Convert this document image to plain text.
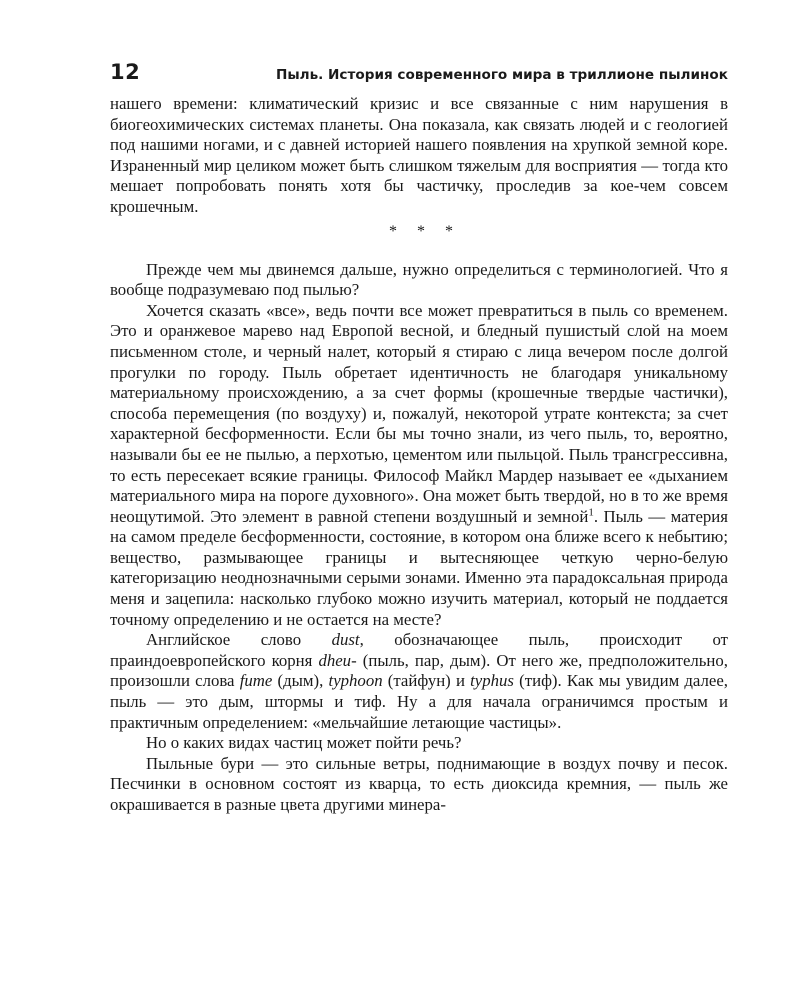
12	Пыль. История современного мира в триллионе пылинок

нашего времени: климатический кризис и все связанные с ним нарушения в биогеохимических системах планеты. Она показала, как связать людей и с геологией под нашими ногами, и с давней историей нашего появления на хрупкой земной коре. Израненный мир целиком может быть слишком тяжелым для восприятия — тогда кто мешает попробовать понять хотя бы частичку, проследив за кое-чем совсем крошечным.

* * *

Прежде чем мы двинемся дальше, нужно определиться с терминологией. Что я вообще подразумеваю под пылью?

Хочется сказать «все», ведь почти все может превратиться в пыль со временем. Это и оранжевое марево над Европой весной, и бледный пушистый слой на моем письменном столе, и черный налет, который я стираю с лица вечером после долгой прогулки по городу. Пыль обретает идентичность не благодаря уникальному материальному происхождению, а за счет формы (крошечные твердые частички), способа перемещения (по воздуху) и, пожалуй, некоторой утрате контекста; за счет характерной бесформенности. Если бы мы точно знали, из чего пыль, то, вероятно, называли бы ее не пылью, а перхотью, цементом или пыльцой. Пыль трансгрессивна, то есть пересекает всякие границы. Философ Майкл Мардер называет ее «дыханием материального мира на пороге духовного». Она может быть твердой, но в то же время неощутимой. Это элемент в равной степени воздушный и земной$^1$. Пыль — материя на самом пределе бесформенности, состояние, в котором она ближе всего к небытию; вещество, размывающее границы и вытесняющее четкую черно-белую категоризацию неоднозначными серыми зонами. Именно эта парадоксальная природа меня и зацепила: насколько глубоко можно изучить материал, который не поддается точному определению и не остается на месте?

Английское слово dust, обозначающее пыль, происходит от праиндоевропейского корня dheu- (пыль, пар, дым). От него же, предположительно, произошли слова fume (дым), typhoon (тайфун) и typhus (тиф). Как мы увидим далее, пыль — это дым, штормы и тиф. Ну а для начала ограничимся простым и практичным определением: «мельчайшие летающие частицы».

Но о каких видах частиц может пойти речь?

Пыльные бури — это сильные ветры, поднимающие в воздух почву и песок. Песчинки в основном состоят из кварца, то есть диоксида кремния, — пыль же окрашивается в разные цвета другими минера-
